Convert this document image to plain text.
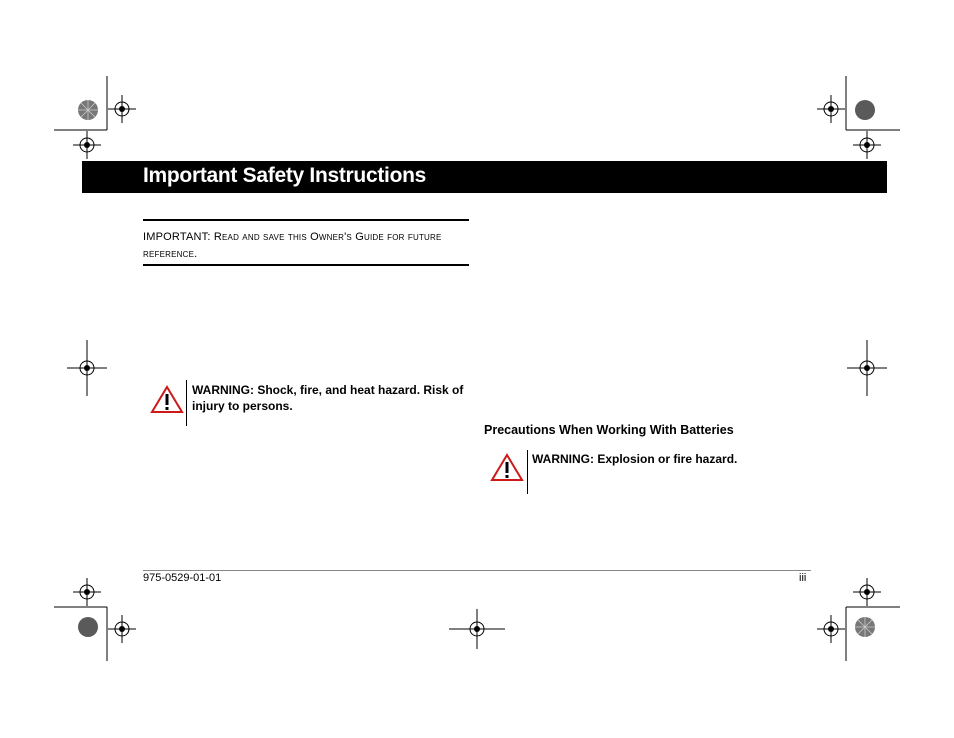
Important Safety Instructions
IMPORTANT: Read and save this Owner's Guide for future reference.
WARNING: Shock, fire, and heat hazard. Risk of injury to persons.
Precautions When Working With Batteries
WARNING: Explosion or fire hazard.
975-0529-01-01	iii
